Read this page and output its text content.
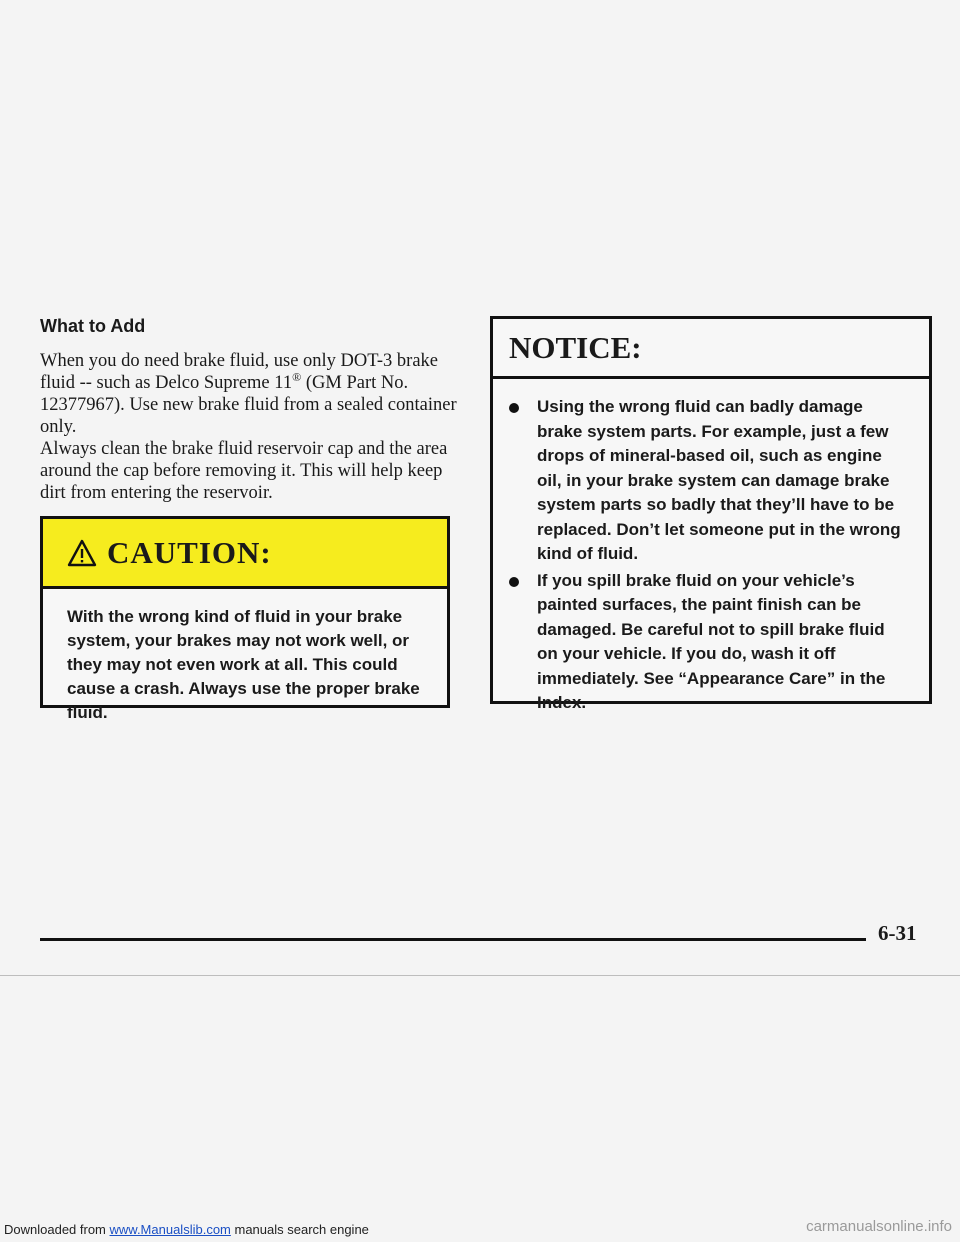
What to Add

When you do need brake fluid, use only DOT-3 brake fluid -- such as Delco Supreme 11® (GM Part No. 12377967). Use new brake fluid from a sealed container only.

Always clean the brake fluid reservoir cap and the area around the cap before removing it. This will help keep dirt from entering the reservoir.

CAUTION:

With the wrong kind of fluid in your brake system, your brakes may not work well, or they may not even work at all. This could cause a crash. Always use the proper brake fluid.

NOTICE:

Using the wrong fluid can badly damage brake system parts. For example, just a few drops of mineral-based oil, such as engine oil, in your brake system can damage brake system parts so badly that they’ll have to be replaced. Don’t let someone put in the wrong kind of fluid.

If you spill brake fluid on your vehicle’s painted surfaces, the paint finish can be damaged. Be careful not to spill brake fluid on your vehicle. If you do, wash it off immediately. See “Appearance Care” in the Index.

6-31
Downloaded from www.Manualslib.com manuals search engine	carmanualsonline.info
